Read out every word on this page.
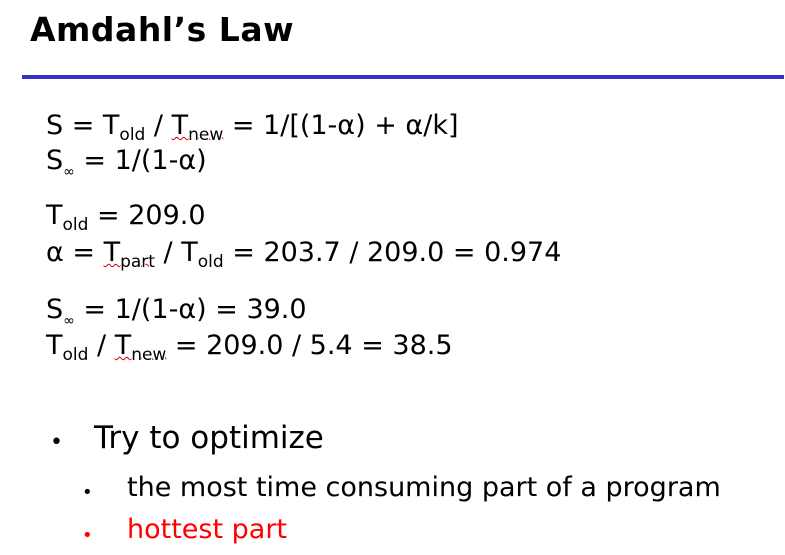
Amdahl’s Law
$S = T_{old} / T_{new} = 1/[(1-\alpha) + \alpha/k]$
$S_\infty = 1/(1-\alpha)$
$T_{old} = 209.0$
$\alpha = T_{part} / T_{old} = 203.7 / 209.0 = 0.974$
$S_\infty = 1/(1-\alpha) = 39.0$
$T_{old} / T_{new} = 209.0 / 5.4 = 38.5$
• Try to optimize
• the most time consuming part of a program
• hottest part
